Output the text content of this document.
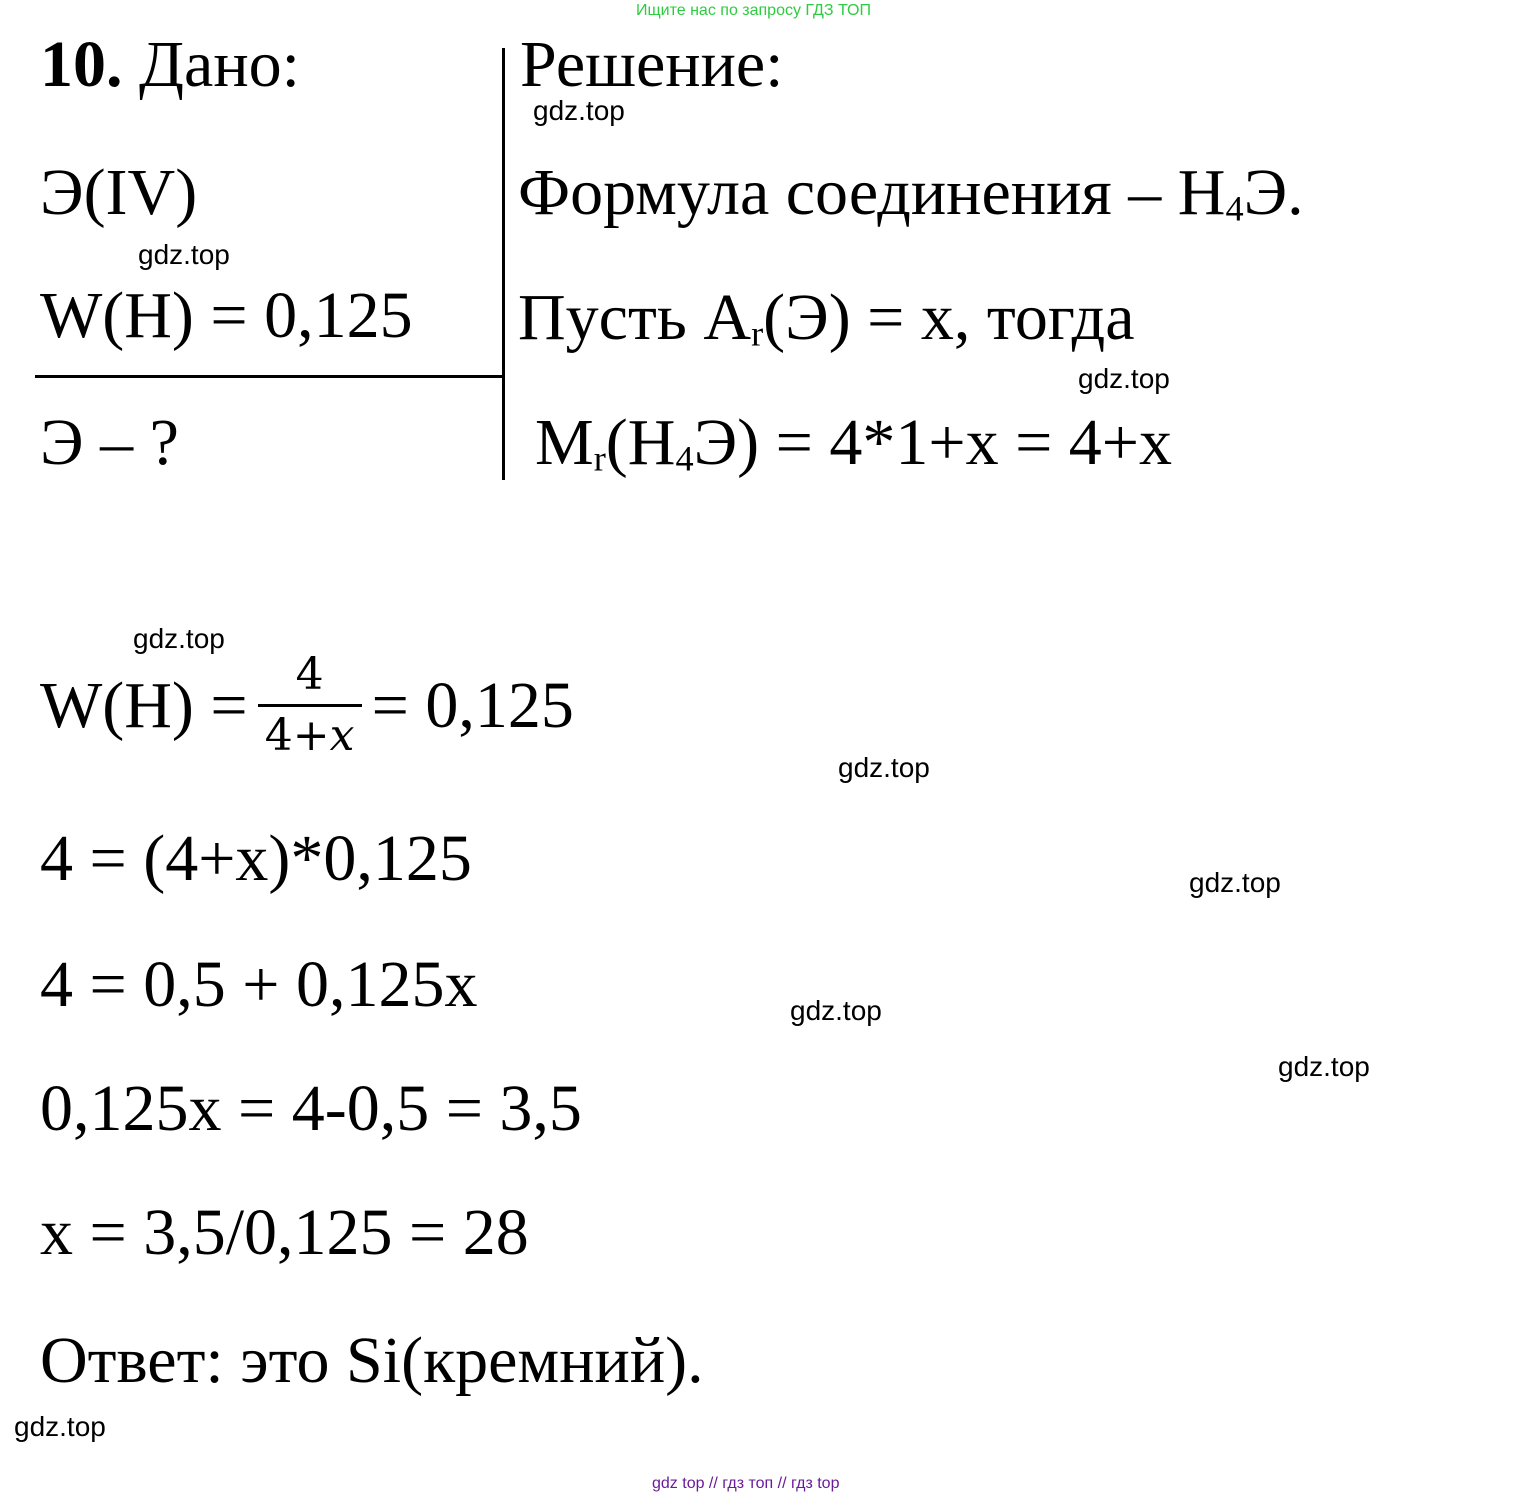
Ищите нас по запросу ГДЗ ТОП
10. Дано:	Решение:
Э(IV)
W(H) = 0,125
Э – ?
Формула соединения – H4Э.
Пусть Ar(Э) = x, тогда
Mr(H4Э) = 4*1+x = 4+x
$W(H) = \frac{4}{4+x} = 0,125$
4 = (4+x)*0,125
4 = 0,5 + 0,125x
0,125x = 4-0,5 = 3,5
x = 3,5/0,125 = 28
Ответ: это Si(кремний).
gdz.top
gdz.top
gdz.top
gdz.top
gdz.top
gdz.top
gdz.top
gdz.top
gdz.top
gdz top // гдз топ // гдз top
